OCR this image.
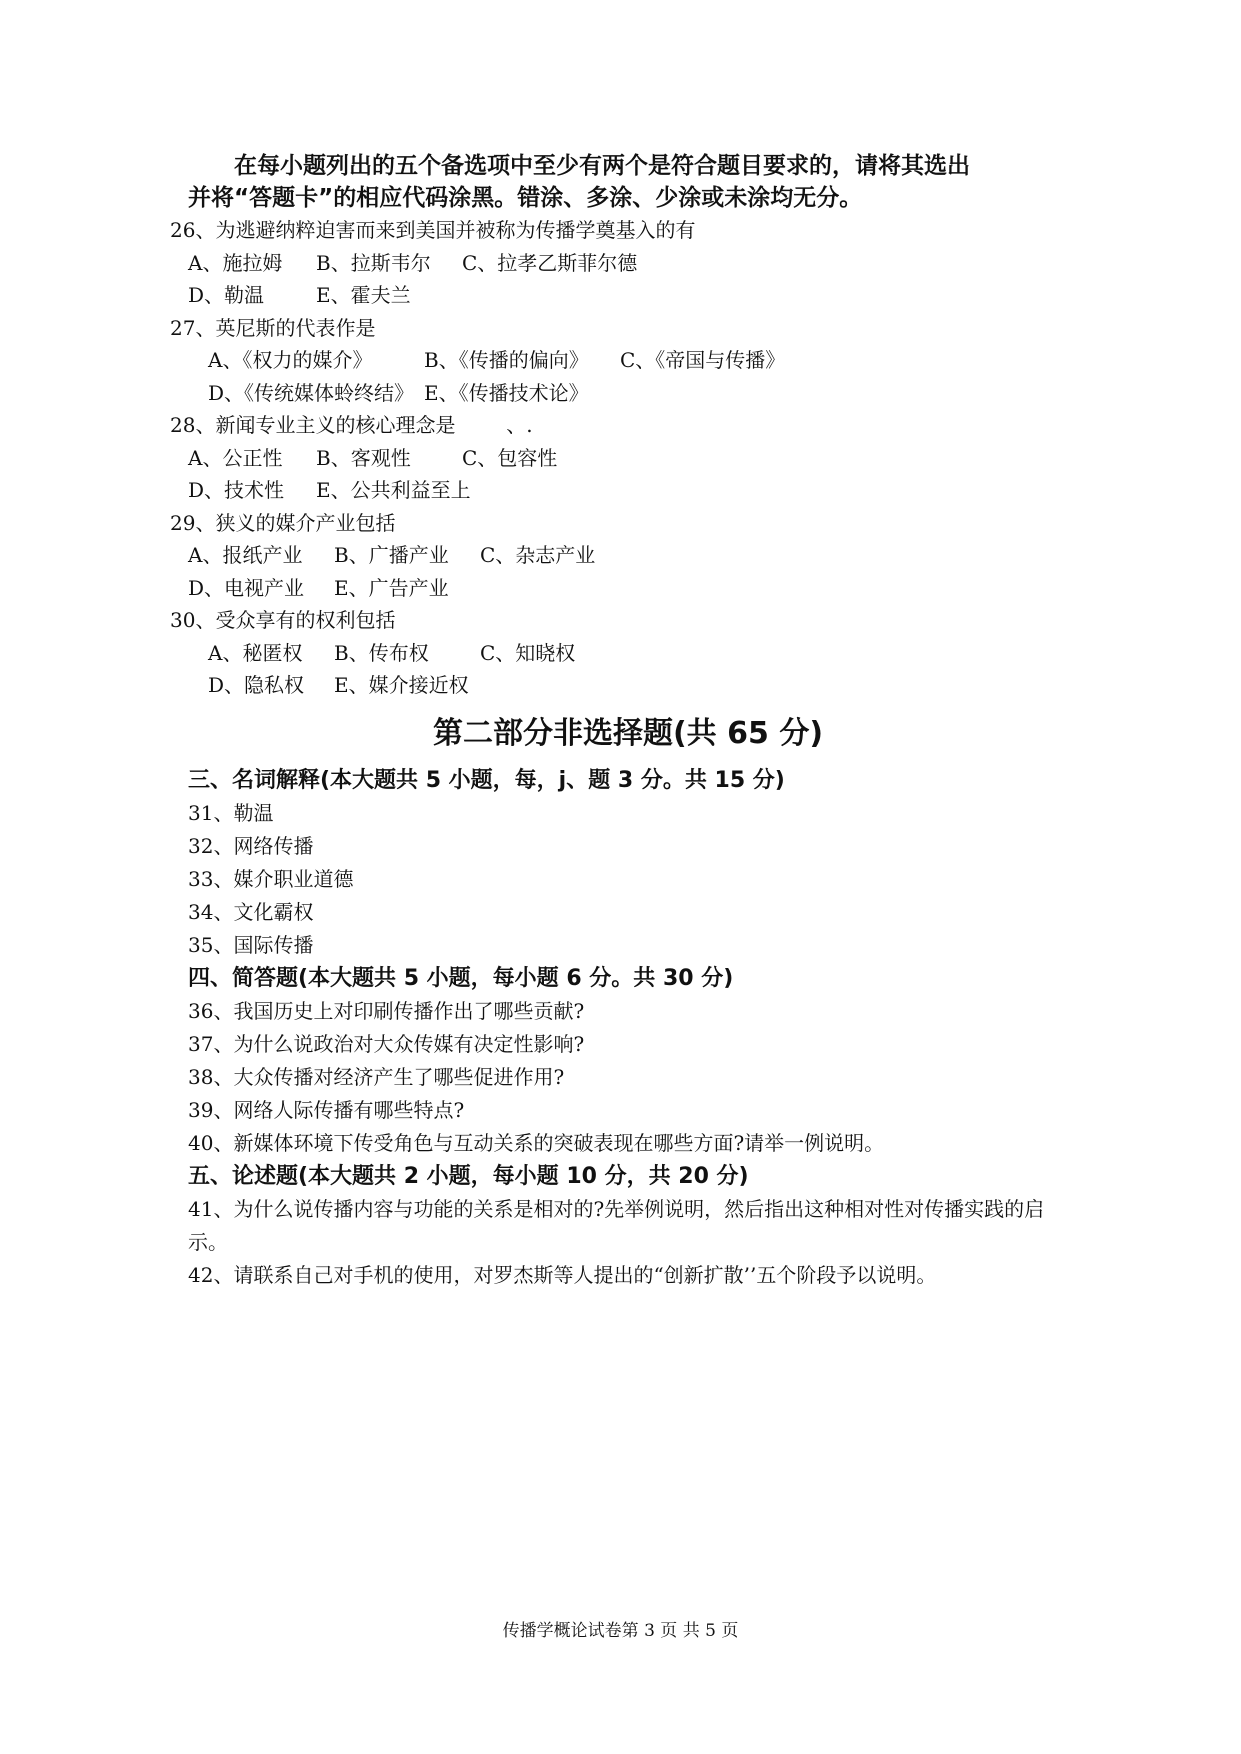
在每小题列出的五个备选项中至少有两个是符合题目要求的，请将其选出
并将“答题卡”的相应代码涂黑。错涂、多涂、少涂或未涂均无分。
26、为逃避纳粹迫害而来到美国并被称为传播学奠基入的有
A、施拉姆	B、拉斯韦尔	C、拉孝乙斯菲尔德
D、勒温	E、霍夫兰
27、英尼斯的代表作是
A、《权力的媒介》	B、《传播的偏向》	C、《帝国与传播》
D、《传统媒体蛉终结》 E、《传播技术论》
28、新闻专业主义的核心理念是        、.
A、公正性	B、客观性	C、包容性
D、技术性	E、公共利益至上
29、狭义的媒介产业包括
A、报纸产业	B、广播产业	C、杂志产业
D、电视产业	E、广告产业
30、受众享有的权利包括
A、秘匿权	B、传布权	C、知晓权
D、隐私权	E、媒介接近权
第二部分非选择题(共 65 分)
三、名词解释(本大题共 5 小题，每，j、题 3 分。共 15 分)
31、勒温
32、网络传播
33、媒介职业道德
34、文化霸权
35、国际传播
四、简答题(本大题共 5 小题，每小题 6 分。共 30 分)
36、我国历史上对印刷传播作出了哪些贡献?
37、为什么说政治对大众传媒有决定性影响?
38、大众传播对经济产生了哪些促进作用?
39、网络人际传播有哪些特点?
40、新媒体环境下传受角色与互动关系的突破表现在哪些方面?请举一例说明。
五、论述题(本大题共 2 小题，每小题 10 分，共 20 分)
41、为什么说传播内容与功能的关系是相对的?先举例说明，然后指出这种相对性对传播实践的启示。
42、请联系自己对手机的使用，对罗杰斯等人提出的“创新扩散’’五个阶段予以说明。
传播学概论试卷第 3 页 共 5 页
